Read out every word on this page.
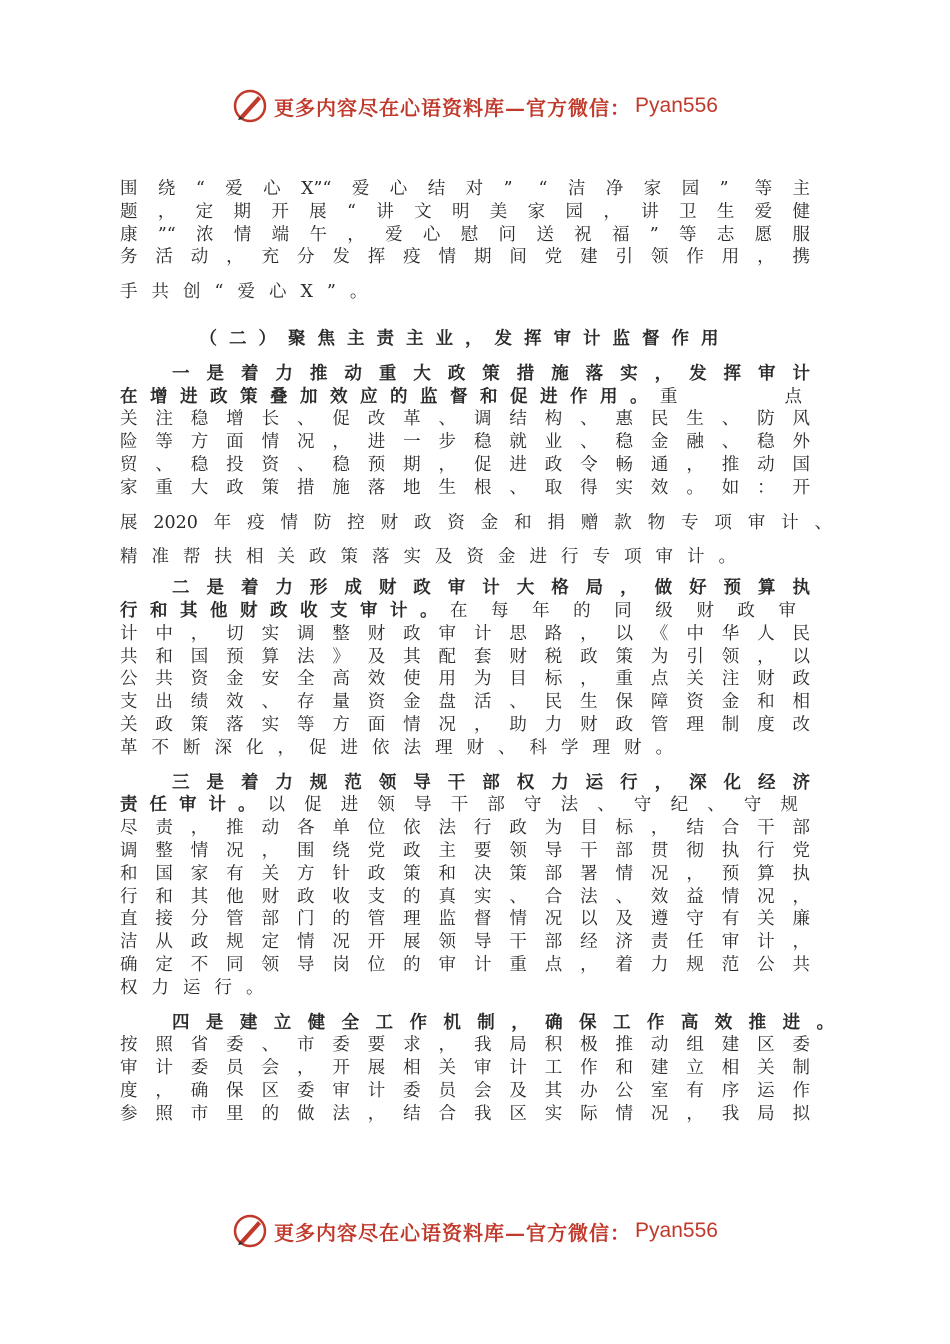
更多内容尽在心语资料库—官方微信： Pyan556
围绕“爱心X”“爱心结对” “洁净家园” 等主
题，定期开展“讲文明美家园，讲卫生爱健
康”“浓情端午，爱心慰问送祝福”等志愿服
务活动，充分发挥疫情期间党建引领作用，携
手共创“爱心X”。
（二）聚焦主责主业，发挥审计监督作用
一是着力推动重大政策措施落实，发挥审计
在增进政策叠加效应的监督和促进作用。 重点
关注稳增长、促改革、调结构、惠民生、防风
险等方面情况，进一步稳就业、稳金融、稳外
贸、稳投资、稳预期，促进政令畅通，推动国
家重大政策措施落地生根、取得实效。如：开
展2020年疫情防控财政资金和捐赠款物专项审计、
精准帮扶相关政策落实及资金进行专项审计。
二是着力形成财政审计大格局，做好预算执
行和其他财政收支审计。 在每年的同级财政审
计中，切实调整财政审计思路，以《中华人民
共和国预算法》及其配套财税政策为引领，以
公共资金安全高效使用为目标，重点关注财政
支出绩效、存量资金盘活、民生保障资金和相
关政策落实等方面情况，助力财政管理制度改
革不断深化，促进依法理财、科学理财。
三是着力规范领导干部权力运行，深化经济
责任审计。 以促进领导干部守法、守纪、守规
尽责，推动各单位依法行政为目标，结合干部
调整情况，围绕党政主要领导干部贯彻执行党
和国家有关方针政策和决策部署情况，预算执
行和其他财政收支的真实、合法、效益情况，
直接分管部门的管理监督情况以及遵守有关廉
洁从政规定情况开展领导干部经济责任审计，
确定不同领导岗位的审计重点，着力规范公共
权力运行。
四是建立健全工作机制，确保工作高效推进。
按照省委、市委要求，我局积极推动组建区委
审计委员会，开展相关审计工作和建立相关制
度，确保区委审计委员会及其办公室有序运作
参照市里的做法，结合我区实际情况，我局拟
更多内容尽在心语资料库—官方微信： Pyan556
